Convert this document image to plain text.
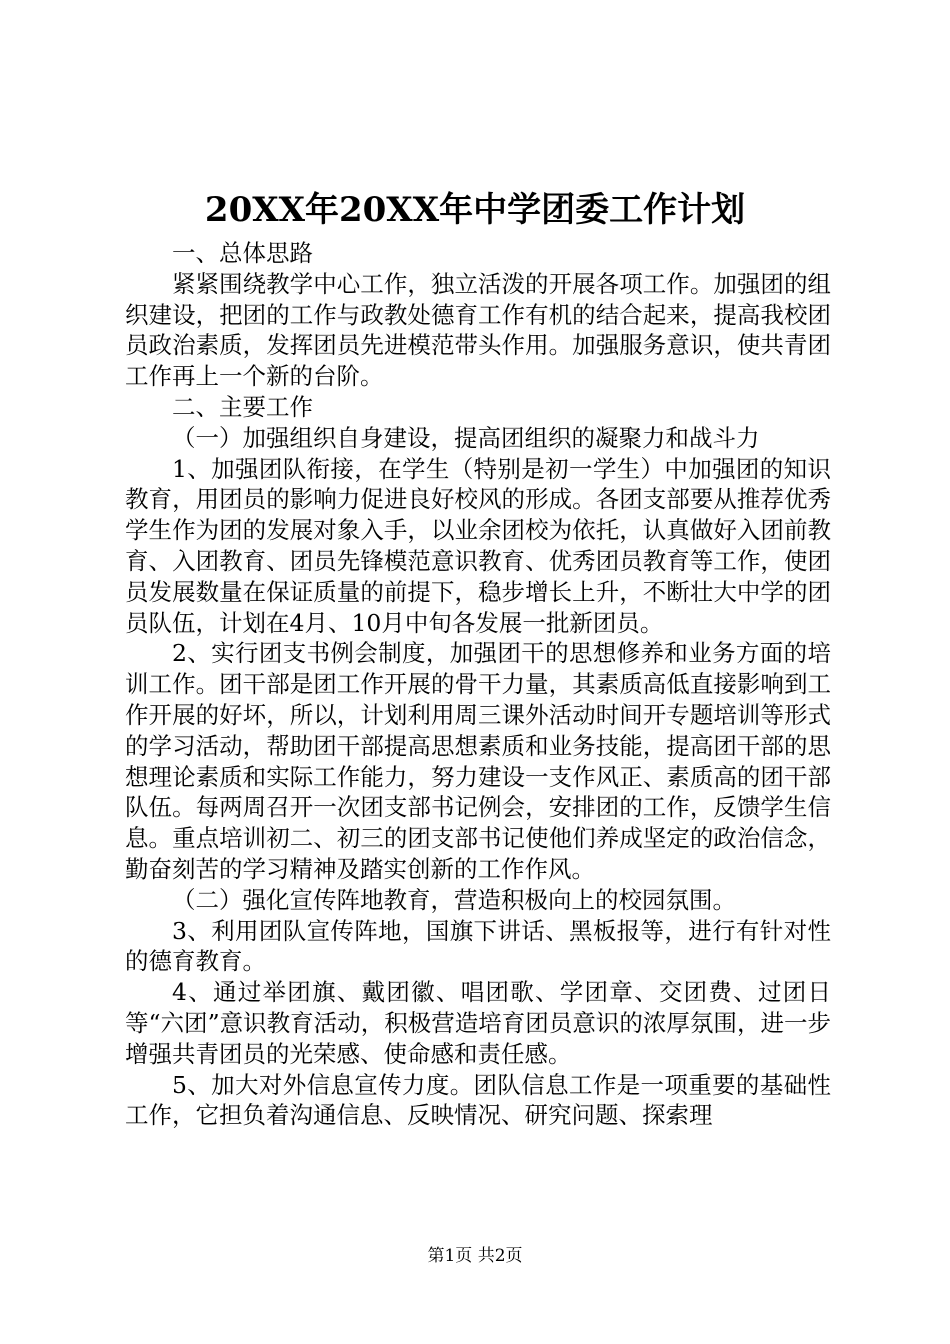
20XX年20XX年中学团委工作计划

一、总体思路

紧紧围绕教学中心工作，独立活泼的开展各项工作。加强团的组织建设，把团的工作与政教处德育工作有机的结合起来，提高我校团员政治素质，发挥团员先进模范带头作用。加强服务意识，使共青团工作再上一个新的台阶。

二、主要工作

（一）加强组织自身建设，提高团组织的凝聚力和战斗力

1、加强团队衔接，在学生（特别是初一学生）中加强团的知识教育，用团员的影响力促进良好校风的形成。各团支部要从推荐优秀学生作为团的发展对象入手，以业余团校为依托，认真做好入团前教育、入团教育、团员先锋模范意识教育、优秀团员教育等工作，使团员发展数量在保证质量的前提下，稳步增长上升，不断壮大中学的团员队伍，计划在4月、10月中旬各发展一批新团员。

2、实行团支书例会制度，加强团干的思想修养和业务方面的培训工作。团干部是团工作开展的骨干力量，其素质高低直接影响到工作开展的好坏，所以，计划利用周三课外活动时间开专题培训等形式的学习活动，帮助团干部提高思想素质和业务技能，提高团干部的思想理论素质和实际工作能力，努力建设一支作风正、素质高的团干部队伍。每两周召开一次团支部书记例会，安排团的工作，反馈学生信息。重点培训初二、初三的团支部书记使他们养成坚定的政治信念，勤奋刻苦的学习精神及踏实创新的工作作风。

（二）强化宣传阵地教育，营造积极向上的校园氛围。

3、利用团队宣传阵地，国旗下讲话、黑板报等，进行有针对性的德育教育。

4、通过举团旗、戴团徽、唱团歌、学团章、交团费、过团日等“六团”意识教育活动，积极营造培育团员意识的浓厚氛围，进一步增强共青团员的光荣感、使命感和责任感。

5、加大对外信息宣传力度。团队信息工作是一项重要的基础性工作，它担负着沟通信息、反映情况、研究问题、探索理

第1页 共2页
